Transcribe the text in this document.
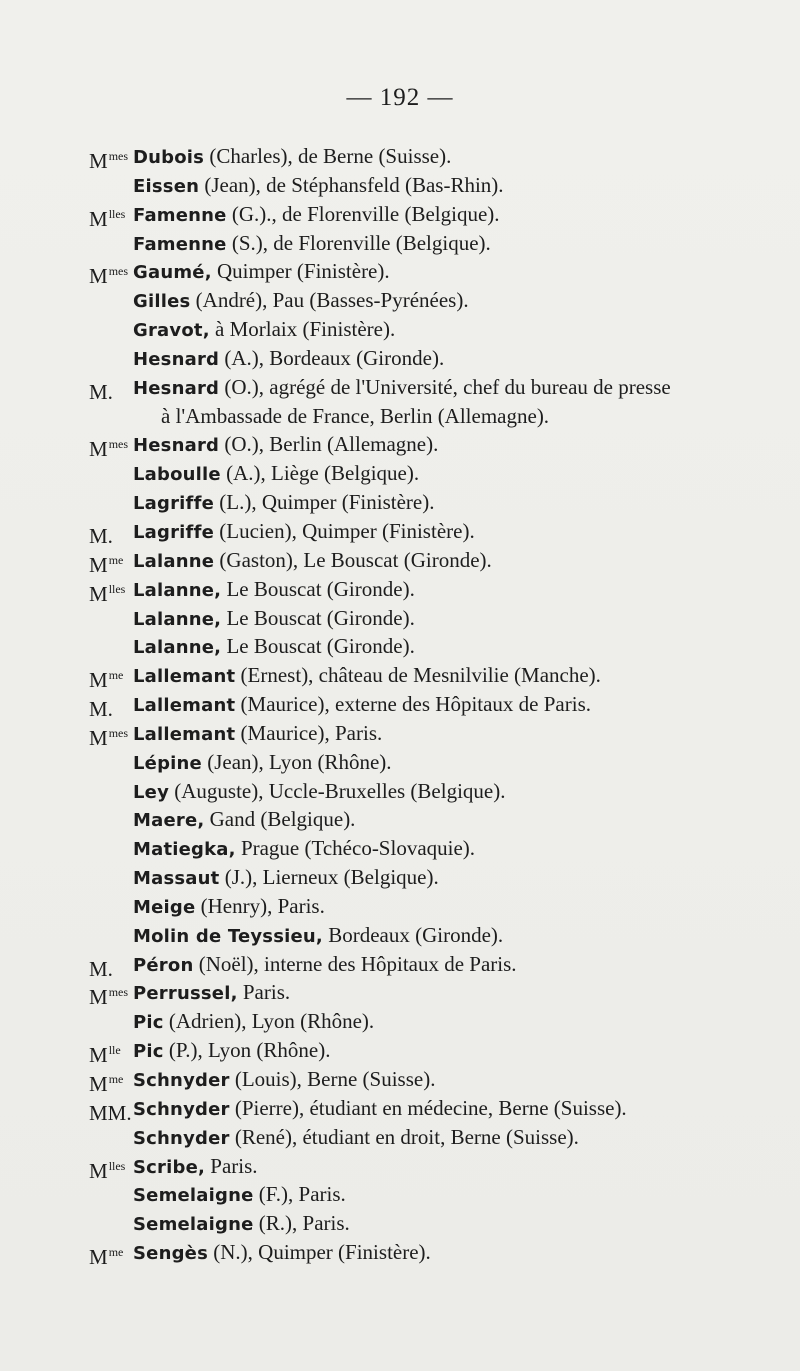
— 192 —
$M^{mes}$ Dubois (Charles), de Berne (Suisse).
Eissen (Jean), de Stéphansfeld (Bas-Rhin).
$M^{lles}$ Famenne (G.)., de Florenville (Belgique).
Famenne (S.), de Florenville (Belgique).
$M^{mes}$ Gaumé, Quimper (Finistère).
Gilles (André), Pau (Basses-Pyrénées).
Gravot, à Morlaix (Finistère).
Hesnard (A.), Bordeaux (Gironde).
M. Hesnard (O.), agrégé de l'Université, chef du bureau de presse
à l'Ambassade de France, Berlin (Allemagne).
$M^{mes}$ Hesnard (O.), Berlin (Allemagne).
Laboulle (A.), Liège (Belgique).
Lagriffe (L.), Quimper (Finistère).
M. Lagriffe (Lucien), Quimper (Finistère).
$M^{me}$ Lalanne (Gaston), Le Bouscat (Gironde).
$M^{lles}$ Lalanne, Le Bouscat (Gironde).
Lalanne, Le Bouscat (Gironde).
Lalanne, Le Bouscat (Gironde).
$M^{me}$ Lallemant (Ernest), château de Mesnilvilie (Manche).
M. Lallemant (Maurice), externe des Hôpitaux de Paris.
$M^{mes}$ Lallemant (Maurice), Paris.
Lépine (Jean), Lyon (Rhône).
Ley (Auguste), Uccle-Bruxelles (Belgique).
Maere, Gand (Belgique).
Matiegka, Prague (Tchéco-Slovaquie).
Massaut (J.), Lierneux (Belgique).
Meige (Henry), Paris.
Molin de Teyssieu, Bordeaux (Gironde).
M. Péron (Noël), interne des Hôpitaux de Paris.
$M^{mes}$ Perrussel, Paris.
Pic (Adrien), Lyon (Rhône).
$M^{lle}$ Pic (P.), Lyon (Rhône).
$M^{me}$ Schnyder (Louis), Berne (Suisse).
MM. Schnyder (Pierre), étudiant en médecine, Berne (Suisse).
Schnyder (René), étudiant en droit, Berne (Suisse).
$M^{lles}$ Scribe, Paris.
Semelaigne (F.), Paris.
Semelaigne (R.), Paris.
$M^{me}$ Sengès (N.), Quimper (Finistère).
